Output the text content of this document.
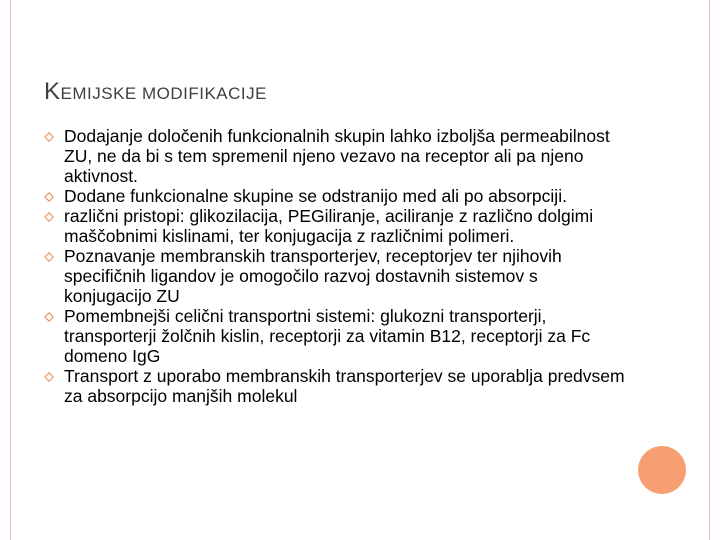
KEMIJSKE MODIFIKACIJE
Dodajanje določenih funkcionalnih skupin lahko izboljša permeabilnost ZU, ne da bi s tem spremenil njeno vezavo na receptor ali pa njeno aktivnost.
Dodane funkcionalne skupine se odstranijo med ali po absorpciji.
različni pristopi: glikozilacija, PEGiliranje, aciliranje z različno dolgimi maščobnimi kislinami, ter konjugacija z različnimi polimeri.
Poznavanje membranskih transporterjev, receptorjev ter njihovih specifičnih ligandov je omogočilo razvoj dostavnih sistemov s konjugacijo ZU
Pomembnejši celični transportni sistemi: glukozni transporterji, transporterji žolčnih kislin, receptorji za vitamin B12, receptorji za Fc domeno IgG
Transport z uporabo membranskih transporterjev se uporablja predvsem za absorpcijo manjših molekul
